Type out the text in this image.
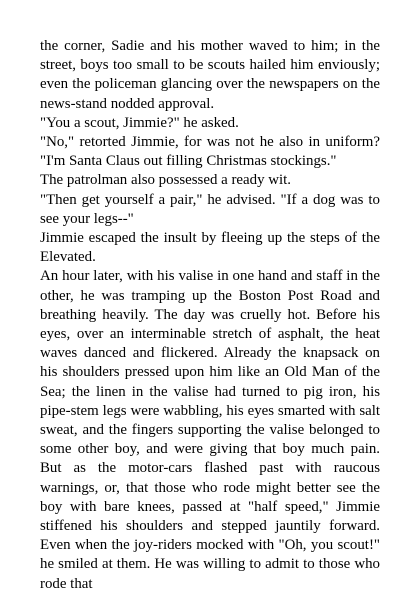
the corner, Sadie and his mother waved to him; in the street, boys too small to be scouts hailed him enviously; even the policeman glancing over the newspapers on the news-stand nodded approval.

"You a scout, Jimmie?" he asked.

"No," retorted Jimmie, for was not he also in uniform? "I'm Santa Claus out filling Christmas stockings."

The patrolman also possessed a ready wit.

"Then get yourself a pair," he advised. "If a dog was to see your legs--"

Jimmie escaped the insult by fleeing up the steps of the Elevated.

An hour later, with his valise in one hand and staff in the other, he was tramping up the Boston Post Road and breathing heavily. The day was cruelly hot. Before his eyes, over an interminable stretch of asphalt, the heat waves danced and flickered. Already the knapsack on his shoulders pressed upon him like an Old Man of the Sea; the linen in the valise had turned to pig iron, his pipe-stem legs were wabbling, his eyes smarted with salt sweat, and the fingers supporting the valise belonged to some other boy, and were giving that boy much pain. But as the motor-cars flashed past with raucous warnings, or, that those who rode might better see the boy with bare knees, passed at "half speed," Jimmie stiffened his shoulders and stepped jauntily forward. Even when the joy-riders mocked with "Oh, you scout!" he smiled at them. He was willing to admit to those who rode that
